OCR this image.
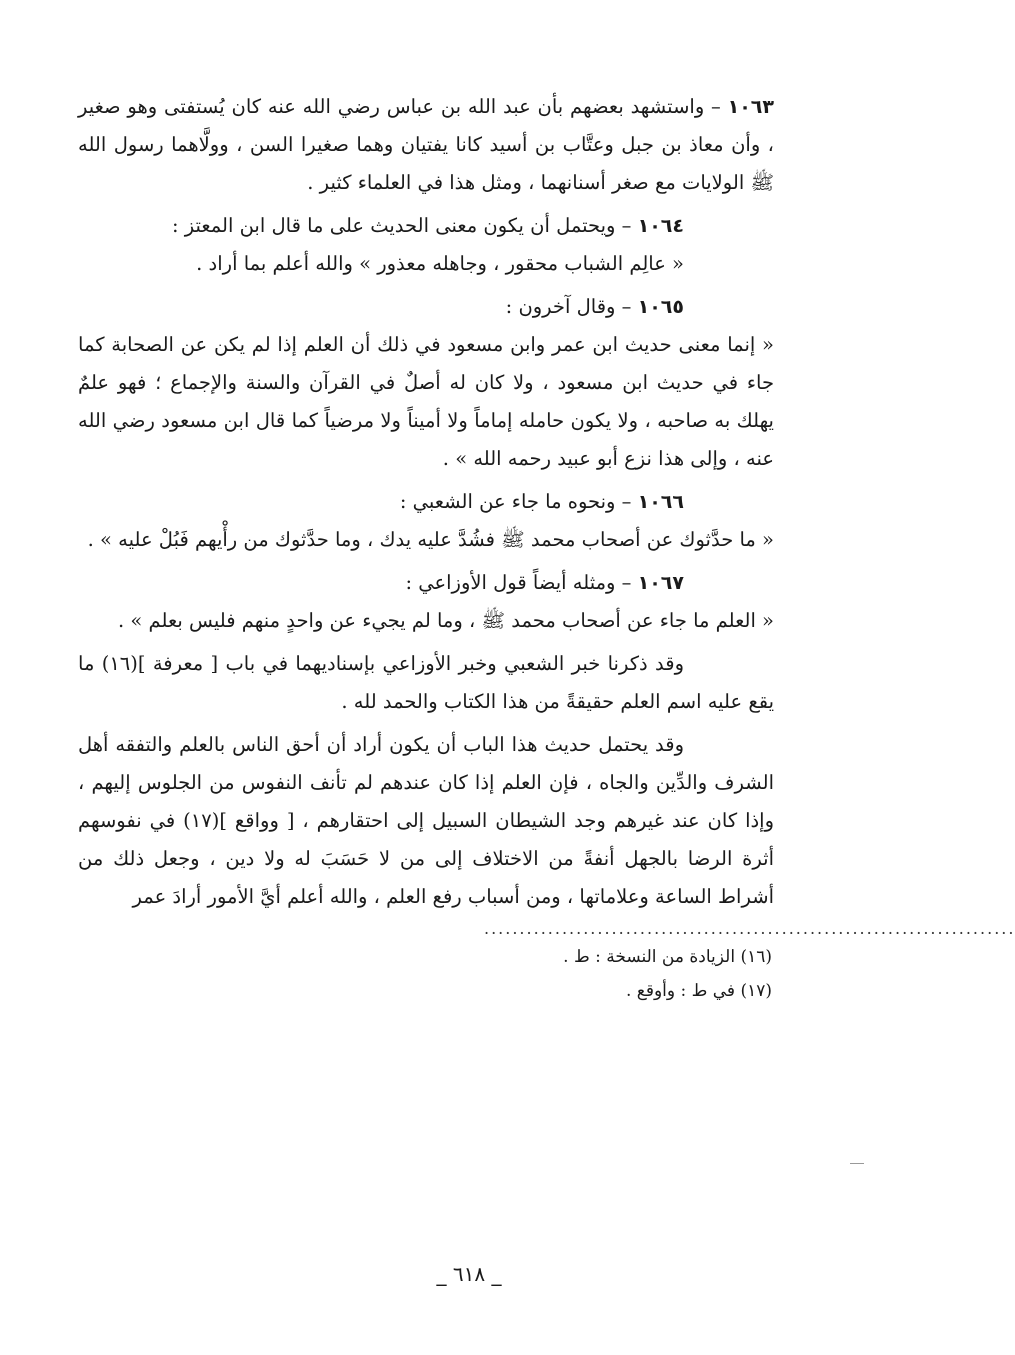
١٠٦٣ – واستشهد بعضهم بأن عبد الله بن عباس رضي الله عنه كان يُستفتى وهو صغير ، وأن معاذ بن جبل وعتَّاب بن أسيد كانا يفتيان وهما صغيرا السن ، وولَّاهما رسول الله ﷺ الولايات مع صغر أسنانهما ، ومثل هذا في العلماء كثير .

١٠٦٤ – ويحتمل أن يكون معنى الحديث على ما قال ابن المعتز :
« عالِم الشباب محقور ، وجاهله معذور » والله أعلم بما أراد .
١٠٦٥ – وقال آخرون :

« إنما معنى حديث ابن عمر وابن مسعود في ذلك أن العلم إذا لم يكن عن الصحابة كما جاء في حديث ابن مسعود ، ولا كان له أصلٌ في القرآن والسنة والإجماع ؛ فهو علمٌ يهلك به صاحبه ، ولا يكون حامله إماماً ولا أميناً ولا مرضياً كما قال ابن مسعود رضي الله عنه ، وإلى هذا نزع أبو عبيد رحمه الله » .

١٠٦٦ – ونحوه ما جاء عن الشعبي :

« ما حدَّثوك عن أصحاب محمد ﷺ فشُدَّ عليه يدك ، وما حدَّثوك من رأْيهم فَبُلْ عليه » .

١٠٦٧ – ومثله أيضاً قول الأوزاعي :

« العلم ما جاء عن أصحاب محمد ﷺ ، وما لم يجيء عن واحدٍ منهم فليس بعلم » .

وقد ذكرنا خبر الشعبي وخبر الأوزاعي بإسناديهما في باب [ معرفة ](١٦) ما يقع عليه اسم العلم حقيقةً من هذا الكتاب والحمد لله .

وقد يحتمل حديث هذا الباب أن يكون أراد أن أحق الناس بالعلم والتفقه أهل الشرف والدِّين والجاه ، فإن العلم إذا كان عندهم لم تأنف النفوس من الجلوس إليهم ، وإذا كان عند غيرهم وجد الشيطان السبيل إلى احتقارهم ، [ وواقع ](١٧) في نفوسهم أثرة الرضا بالجهل أنفةً من الاختلاف إلى من لا حَسَبَ له ولا دين ، وجعل ذلك من أشراط الساعة وعلاماتها ، ومن أسباب رفع العلم ، والله أعلم أيَّ الأمور أرادَ عمر

...........................................................................
(١٦) الزيادة من النسخة : ط .
(١٧) في ط : وأوقع .
_ ٦١٨ _
